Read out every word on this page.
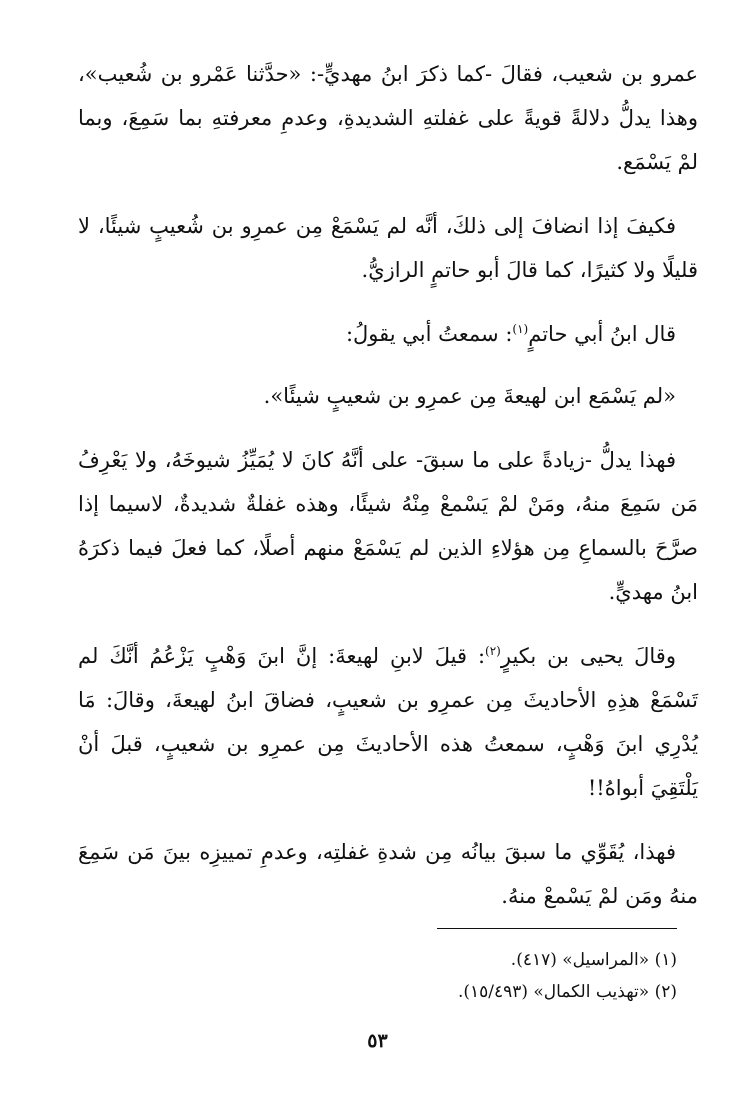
عمرو بن شعيب، فقالَ -كما ذكرَ ابنُ مهديٍّ-: «حدَّثنا عَمْرو بن شُعيب»، وهذا يدلُّ دلالةً قويةً على غفلتهِ الشديدةِ، وعدمِ معرفتهِ بما سَمِعَ، وبما لمْ يَسْمَع.

فكيفَ إذا انضافَ إلى ذلكَ، أنَّه لم يَسْمَعْ مِن عمرِو بن شُعيبٍ شيئًا، لا قليلًا ولا كثيرًا، كما قالَ أبو حاتمٍ الرازيُّ.

قال ابنُ أبي حاتمٍ$^{(١)}$: سمعتُ أبي يقولُ:

«لم يَسْمَع ابن لهيعةَ مِن عمرِو بن شعيبٍ شيئًا».

فهذا يدلُّ -زيادةً على ما سبقَ- على أنَّهُ كانَ لا يُمَيِّزُ شيوخَهُ، ولا يَعْرِفُ مَن سَمِعَ منهُ، ومَنْ لمْ يَسْمعْ مِنْهُ شيئًا، وهذه غفلةٌ شديدةٌ، لاسيما إذا صرَّحَ بالسماعِ مِن هؤلاءِ الذين لم يَسْمَعْ منهم أصلًا، كما فعلَ فيما ذكرَهُ ابنُ مهديٍّ.

وقالَ يحيى بن بكيرٍ$^{(٢)}$: قيلَ لابنِ لهيعةَ: إنَّ ابنَ وَهْبٍ يَزْعُمُ أنَّكَ لم تَسْمَعْ هذِهِ الأحاديثَ مِن عمرِو بن شعيبٍ، فضاقَ ابنُ لهيعةَ، وقالَ: مَا يُدْرِي ابنَ وَهْبٍ، سمعتُ هذه الأحاديثَ مِن عمرِو بن شعيبٍ، قبلَ أنْ يَلْتَقِيَ أبواهُ!!

فهذا، يُقَوِّي ما سبقَ بيانُه مِن شدةِ غفلتِه، وعدمِ تمييزِه بينَ مَن سَمِعَ منهُ ومَن لمْ يَسْمعْ منهُ.

(١) «المراسيل» (٤١٧).

(٢) «تهذيب الكمال» (١٥/٤٩٣).

٥٣
